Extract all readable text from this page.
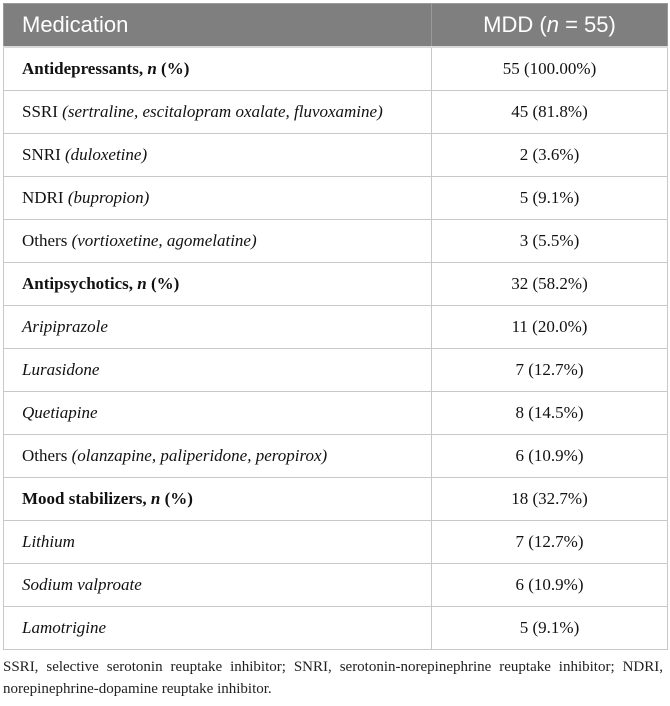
Medication	MDD (n = 55)
Antidepressants, n (%)	55 (100.00%)
SSRI (sertraline, escitalopram oxalate, fluvoxamine)	45 (81.8%)
SNRI (duloxetine)	2 (3.6%)
NDRI (bupropion)	5 (9.1%)
Others (vortioxetine, agomelatine)	3 (5.5%)
Antipsychotics, n (%)	32 (58.2%)
Aripiprazole	11 (20.0%)
Lurasidone	7 (12.7%)
Quetiapine	8 (14.5%)
Others (olanzapine, paliperidone, peropirox)	6 (10.9%)
Mood stabilizers, n (%)	18 (32.7%)
Lithium	7 (12.7%)
Sodium valproate	6 (10.9%)
Lamotrigine	5 (9.1%)

SSRI, selective serotonin reuptake inhibitor; SNRI, serotonin-norepinephrine reuptake inhibitor; NDRI, norepinephrine-dopamine reuptake inhibitor.
